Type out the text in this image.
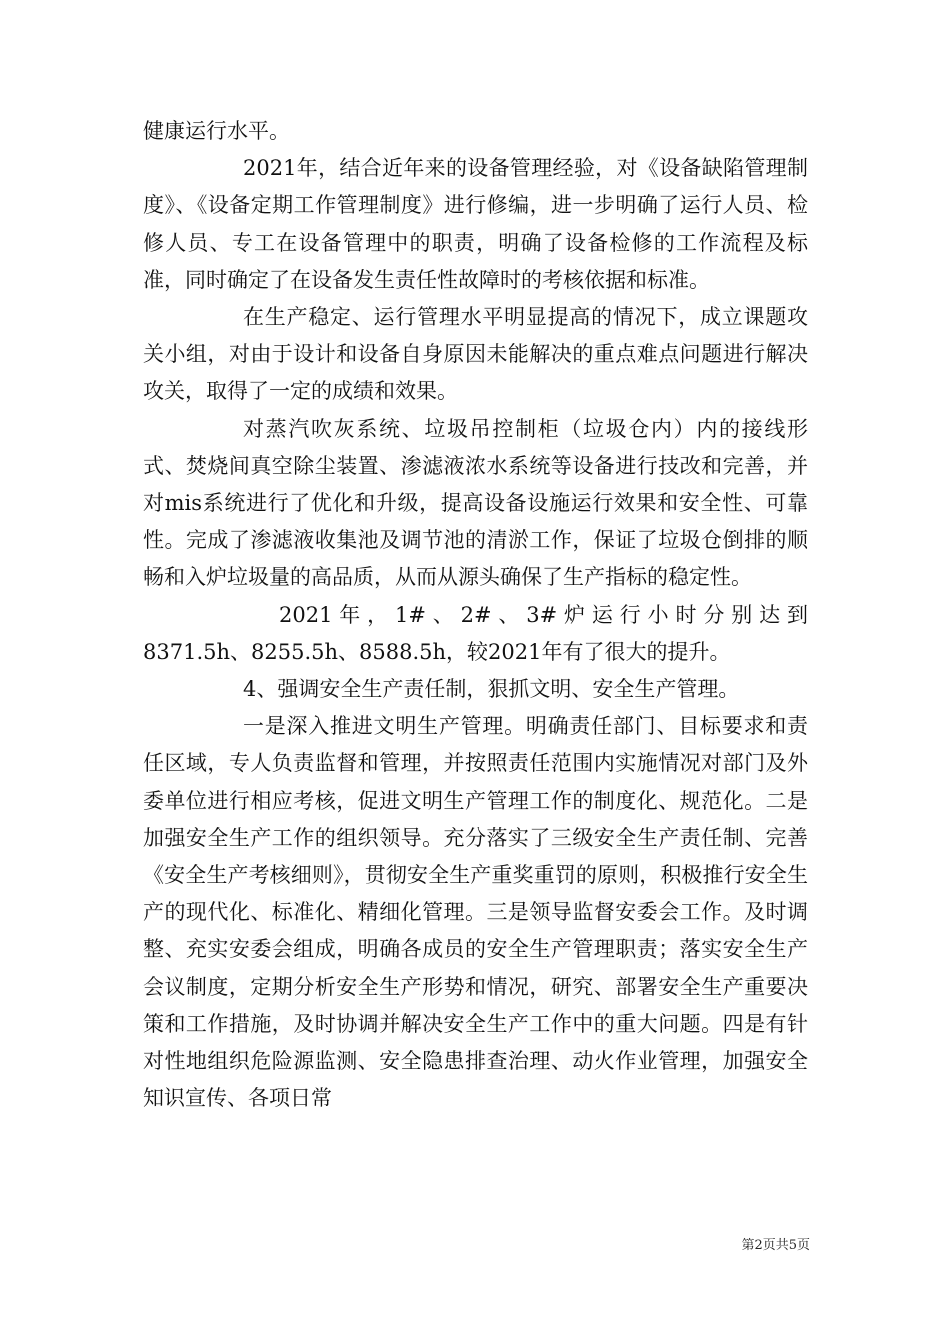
健康运行水平。

2021年，结合近年来的设备管理经验，对《设备缺陷管理制度》、《设备定期工作管理制度》进行修编，进一步明确了运行人员、检修人员、专工在设备管理中的职责，明确了设备检修的工作流程及标准，同时确定了在设备发生责任性故障时的考核依据和标准。

在生产稳定、运行管理水平明显提高的情况下，成立课题攻关小组，对由于设计和设备自身原因未能解决的重点难点问题进行解决攻关，取得了一定的成绩和效果。

对蒸汽吹灰系统、垃圾吊控制柜（垃圾仓内）内的接线形式、焚烧间真空除尘装置、渗滤液浓水系统等设备进行技改和完善，并对mis系统进行了优化和升级，提高设备设施运行效果和安全性、可靠性。完成了渗滤液收集池及调节池的清淤工作，保证了垃圾仓倒排的顺畅和入炉垃圾量的高品质，从而从源头确保了生产指标的稳定性。

2021 年 ， 1# 、 2# 、 3# 炉 运 行 小 时 分 别 达 到 8371.5h、8255.5h、8588.5h，较2021年有了很大的提升。

4、强调安全生产责任制，狠抓文明、安全生产管理。

一是深入推进文明生产管理。明确责任部门、目标要求和责任区域，专人负责监督和管理，并按照责任范围内实施情况对部门及外委单位进行相应考核，促进文明生产管理工作的制度化、规范化。二是加强安全生产工作的组织领导。充分落实了三级安全生产责任制、完善《安全生产考核细则》，贯彻安全生产重奖重罚的原则，积极推行安全生产的现代化、标准化、精细化管理。三是领导监督安委会工作。及时调整、充实安委会组成，明确各成员的安全生产管理职责；落实安全生产会议制度，定期分析安全生产形势和情况，研究、部署安全生产重要决策和工作措施，及时协调并解决安全生产工作中的重大问题。四是有针对性地组织危险源监测、安全隐患排查治理、动火作业管理，加强安全知识宣传、各项日常

第2页共5页
